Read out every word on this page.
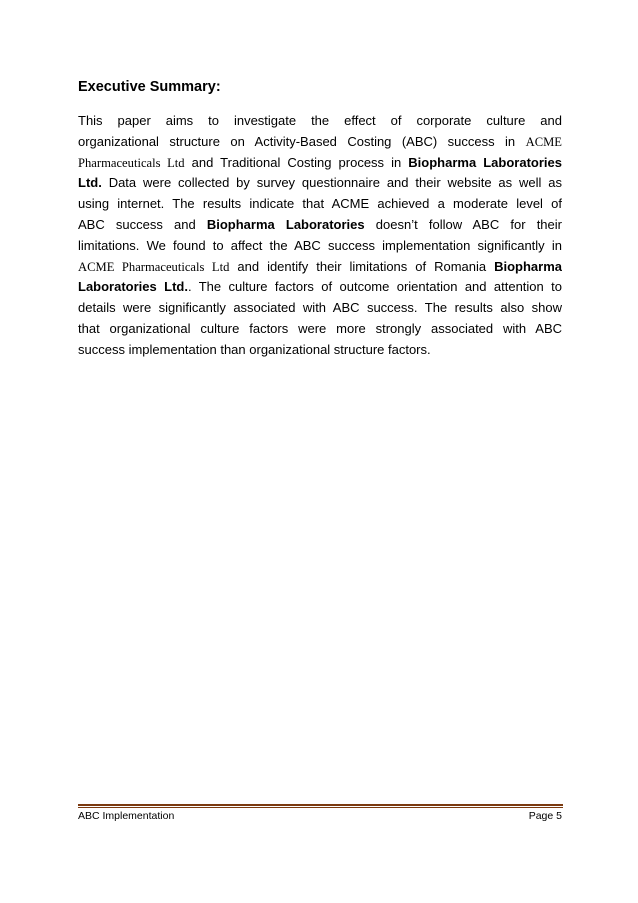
Executive Summary:
This paper aims to investigate the effect of corporate culture and
organizational structure on Activity-Based Costing (ABC) success in ACME
Pharmaceuticals Ltd and Traditional Costing process in Biopharma Laboratories
Ltd. Data were collected by survey questionnaire and their website as well as
using internet. The results indicate that ACME achieved a moderate level of
ABC success and Biopharma Laboratories doesn’t follow ABC for their
limitations. We found to affect the ABC success implementation significantly in
ACME Pharmaceuticals Ltd and identify their limitations of Romania Biopharma
Laboratories Ltd.. The culture factors of outcome orientation and attention to
details were significantly associated with ABC success. The results also show
that organizational culture factors were more strongly associated with ABC
success implementation than organizational structure factors.
ABC Implementation	Page 5
